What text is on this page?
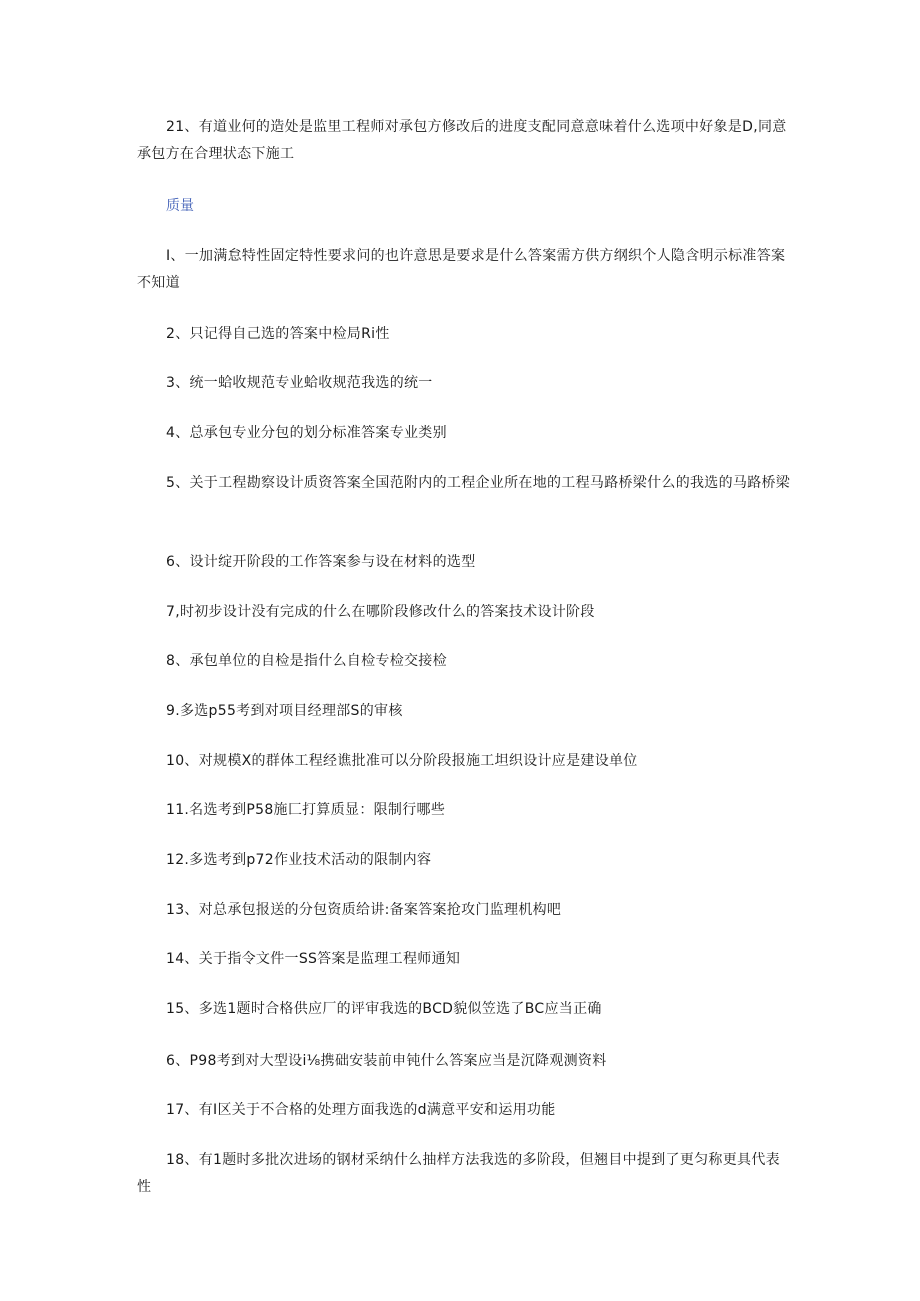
21、有道业何的造处是监里工程师对承包方修改后的进度支配同意意味着什么选项中好象是D,同意承包方在合理状态下施工

质量

I、一加满怠特性固定特性要求问的也许意思是要求是什么答案需方供方纲织个人隐含明示标准答案不知道

2、只记得自己选的答案中检局Ri性

3、统一蛤收规范专业蛤收规范我选的统一

4、总承包专业分包的划分标准答案专业类别

5、关于工程勘察设计质资答案全国范附内的工程企业所在地的工程马路桥梁什么的我选的马路桥梁

6、设计绽开阶段的工作答案参与设在材料的选型

7,时初步设计没有完成的什么在哪阶段修改什么的答案技术设计阶段

8、承包单位的自检是指什么自检专检交接检

9.多选p55考到对项目经理部S的审核

10、对规模X的群体工程经谯批准可以分阶段报施工坦织设计应是建设单位

11.名选考到P58施匚打算质显：限制行哪些

12.多选考到p72作业技术活动的限制内容

13、对总承包报送的分包资质给讲:备案答案抢攻门监理机构吧

14、关于指令文件一SS答案是监理工程师通知

15、多选1题时合格供应厂的评审我选的BCD貌似笠选了BC应当正确

6、P98考到对大型设i⅛携础安装前申钝什么答案应当是沉降观测资料

17、有I区关于不合格的处理方面我选的d满意平安和运用功能

18、有1题时多批次进场的钢材采纳什么抽样方法我选的多阶段，但翘目中提到了更匀称更具代表性
